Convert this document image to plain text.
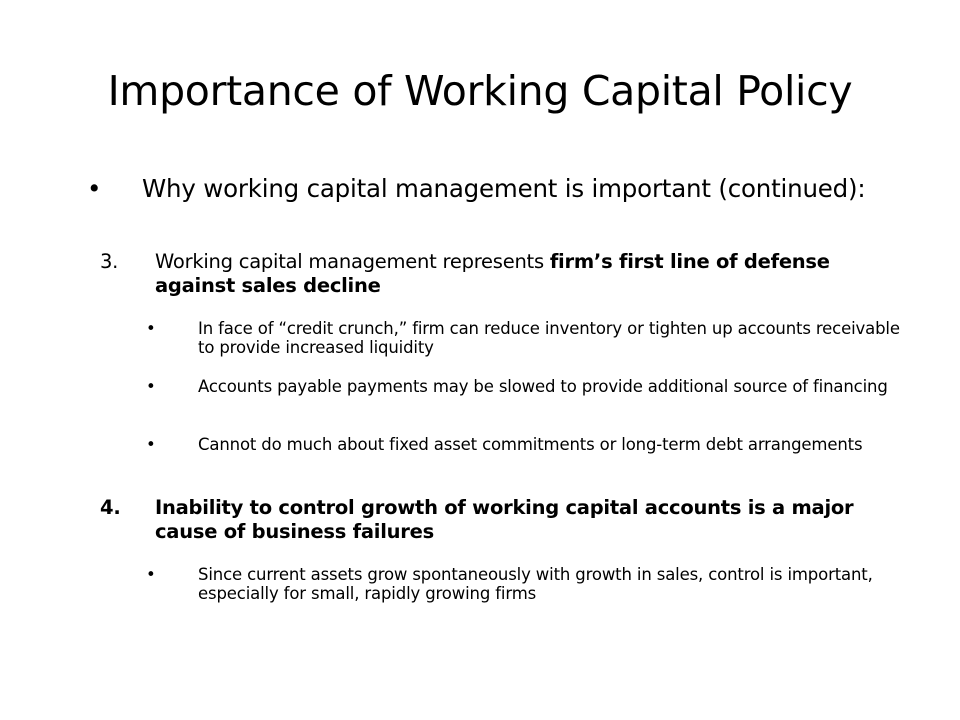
Importance of Working Capital Policy
• Why working capital management is important (continued):
3. Working capital management represents firm’s first line of defense against sales decline
•	In face of “credit crunch,” firm can reduce inventory or tighten up accounts receivable to provide increased liquidity
•	Accounts payable payments may be slowed to provide additional source of financing
•	Cannot do much about fixed asset commitments or long-term debt arrangements
4. Inability to control growth of working capital accounts is a major cause of business failures
•	Since current assets grow spontaneously with growth in sales, control is important, especially for small, rapidly growing firms
